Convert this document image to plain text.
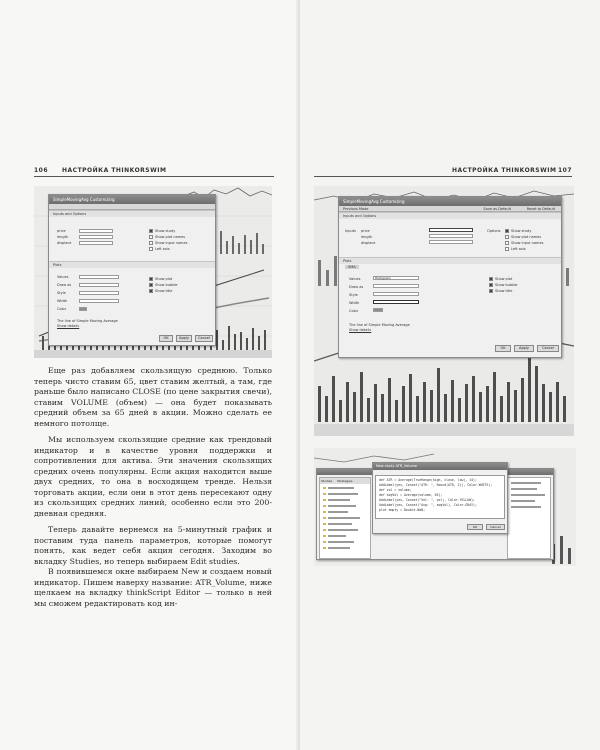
106 НАСТРОЙКА THINKORSWIM
SimpleMovingAvg Customizing

Inputs and Options
price
length
displace
Show study
Show plot names
Show input names
Left axis
Plots
Values
Draw as
Style
Width
Color
Show plot
Show bubble
Show title
The line of Simple Moving Average
Show details
OK	Apply	Cancel

Еще раз добавляем скользящую среднюю. Только теперь чисто ставим 65, цвет ставим желтый, а там, где раньше было написано CLOSE (по цене закрытия свечи), ставим VOLUME (объем) — она будет показывать средний объем за 65 дней в акции. Можно сделать ее немного потолще.

Мы используем скользящие средние как трендовый индикатор и в качестве уровня поддержки и сопротивления для актива. Эти значения скользящих средних очень популярны. Если акция находится выше двух средних, то она в восходящем тренде. Нельзя торговать акции, если они в этот день пересекают одну из скользящих средних линий, особенно если это 200-дневная средняя.

Теперь давайте вернемся на 5-минутный график и поставим туда панель параметров, которые помогут понять, как ведет себя акция сегодня. Заходим во вкладку Studies, но теперь выбираем Edit studies.

В появившемся окне выбираем New и создаем новый индикатор. Пишем наверху название: ATR_Volume, ниже щелкаем на вкладку thinkScript Editor — только в ней мы сможем редактировать код ин-

НАСТРОЙКА THINKORSWIM 107
SimpleMovingAvg Customizing
Previous Mode	Save as Default	Reset to Default
Inputs and Options
Inputs price
length
displace
Options	Show study
Show plot names
Show input names
Left axis
Plots
SMA
Values
Draw as
Style
Width
Color
Histogram	Show plot
Show bubble
Show title
The line of Simple Moving Average
Show details
OK	Apply	Cancel

Studies Strategies
New study ATR_Volume
def ATR = Average(TrueRange(high, close, low), 14);
AddLabel(yes, Concat("ATR: ", Round(ATR, 2)), Color.WHITE);
def vol = volume;
def avgVol = Average(volume, 65);
AddLabel(yes, Concat("Vol: ", vol), Color.YELLOW);
AddLabel(yes, Concat("Avg: ", avgVol), Color.GRAY);
plot empty = Double.NaN;
OK	Cancel
